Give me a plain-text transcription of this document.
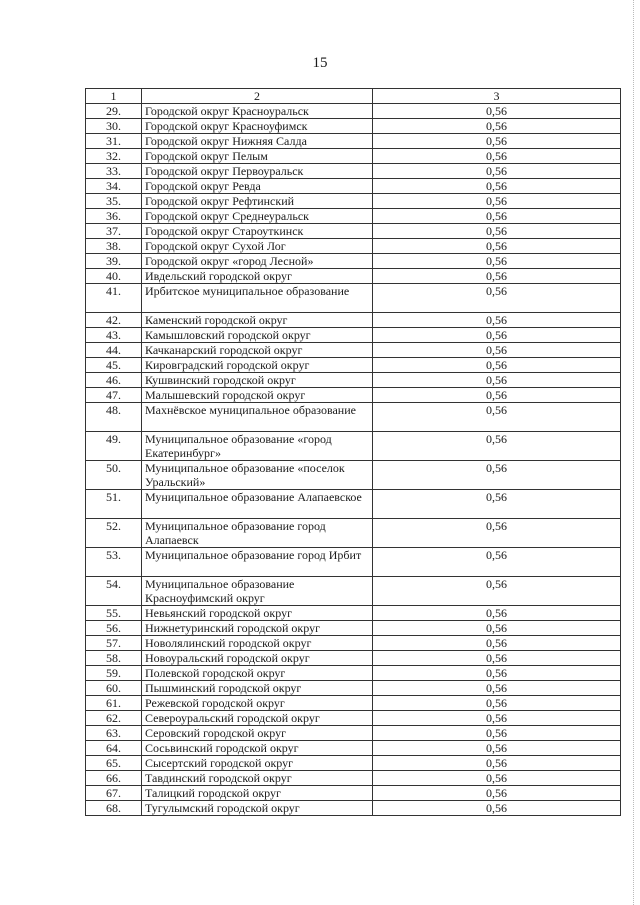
15
1	2	3
29.	Городской округ Красноуральск	0,56
30.	Городской округ Красноуфимск	0,56
31.	Городской округ Нижняя Салда	0,56
32.	Городской округ Пелым	0,56
33.	Городской округ Первоуральск	0,56
34.	Городской округ Ревда	0,56
35.	Городской округ Рефтинский	0,56
36.	Городской округ Среднеуральск	0,56
37.	Городской округ Староуткинск	0,56
38.	Городской округ Сухой Лог	0,56
39.	Городской округ «город Лесной»	0,56
40.	Ивдельский городской округ	0,56
41.	Ирбитское муниципальное образование	0,56
42.	Каменский городской округ	0,56
43.	Камышловский городской округ	0,56
44.	Качканарский городской округ	0,56
45.	Кировградский городской округ	0,56
46.	Кушвинский городской округ	0,56
47.	Малышевский городской округ	0,56
48.	Махнёвское муниципальное образование	0,56
49.	Муниципальное образование «город Екатеринбург»	0,56
50.	Муниципальное образование «поселок Уральский»	0,56
51.	Муниципальное образование Алапаевское	0,56
52.	Муниципальное образование город Алапаевск	0,56
53.	Муниципальное образование город Ирбит	0,56
54.	Муниципальное образование Красноуфимский округ	0,56
55.	Невьянский городской округ	0,56
56.	Нижнетуринский городской округ	0,56
57.	Новолялинский городской округ	0,56
58.	Новоуральский городской округ	0,56
59.	Полевской городской округ	0,56
60.	Пышминский городской округ	0,56
61.	Режевской городской округ	0,56
62.	Североуральский городской округ	0,56
63.	Серовский городской округ	0,56
64.	Сосьвинский городской округ	0,56
65.	Сысертский городской округ	0,56
66.	Тавдинский городской округ	0,56
67.	Талицкий городской округ	0,56
68.	Тугулымский городской округ	0,56
